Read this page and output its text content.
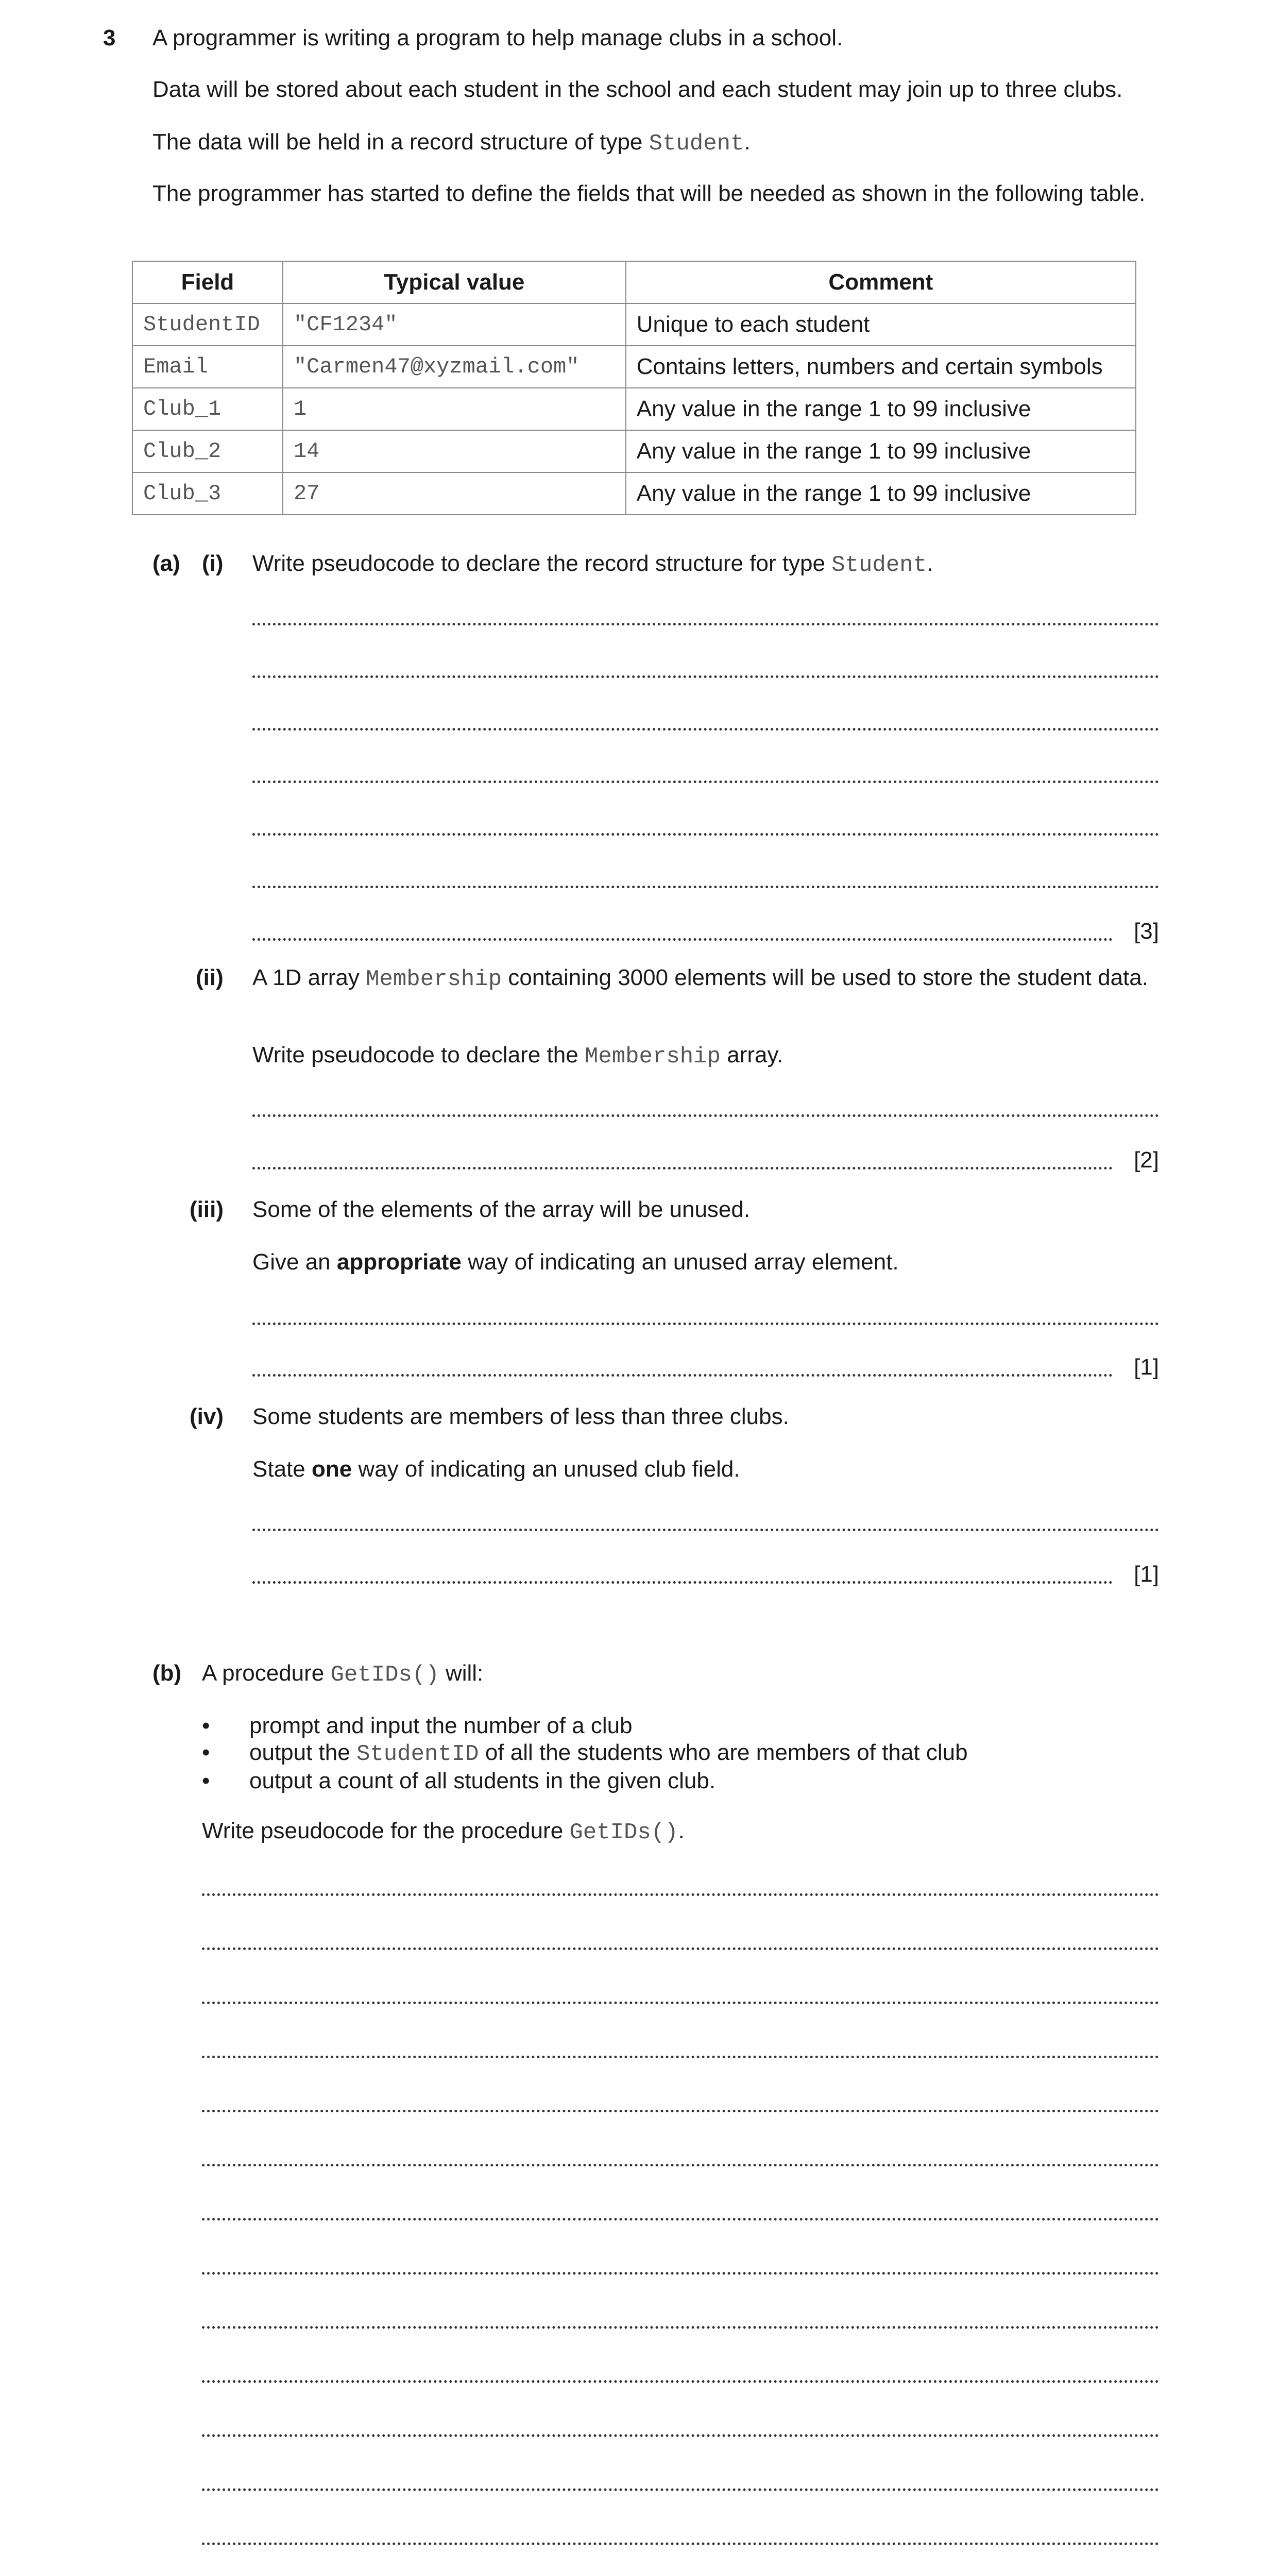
3 A programmer is writing a program to help manage clubs in a school.
Data will be stored about each student in the school and each student may join up to three clubs.
The data will be held in a record structure of type Student.
The programmer has started to define the fields that will be needed as shown in the following table.
Field	Typical value	Comment
StudentID	"CF1234"	Unique to each student
Email	"Carmen47@xyzmail.com"	Contains letters, numbers and certain symbols
Club_1	1	Any value in the range 1 to 99 inclusive
Club_2	14	Any value in the range 1 to 99 inclusive
Club_3	27	Any value in the range 1 to 99 inclusive
(a) (i) Write pseudocode to declare the record structure for type Student.
[3]
(ii) A 1D array Membership containing 3000 elements will be used to store the student data.
Write pseudocode to declare the Membership array.
[2]
(iii) Some of the elements of the array will be unused.
Give an appropriate way of indicating an unused array element.
[1]
(iv) Some students are members of less than three clubs.
State one way of indicating an unused club field.
[1]
(b) A procedure GetIDs() will:
• prompt and input the number of a club
• output the StudentID of all the students who are members of that club
• output a count of all students in the given club.
Write pseudocode for the procedure GetIDs().
